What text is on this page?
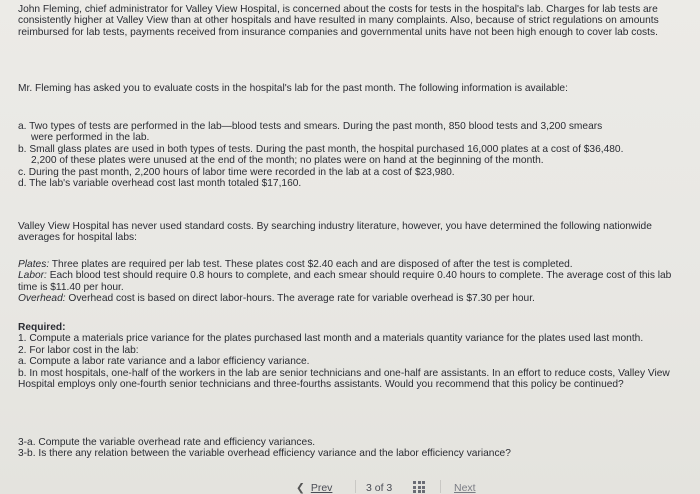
John Fleming, chief administrator for Valley View Hospital, is concerned about the costs for tests in the hospital's lab. Charges for lab tests are consistently higher at Valley View than at other hospitals and have resulted in many complaints. Also, because of strict regulations on amounts reimbursed for lab tests, payments received from insurance companies and governmental units have not been high enough to cover lab costs.

Mr. Fleming has asked you to evaluate costs in the hospital's lab for the past month. The following information is available:

a. Two types of tests are performed in the lab—blood tests and smears. During the past month, 850 blood tests and 3,200 smears
were performed in the lab.
b. Small glass plates are used in both types of tests. During the past month, the hospital purchased 16,000 plates at a cost of $36,480.
2,200 of these plates were unused at the end of the month; no plates were on hand at the beginning of the month.
c. During the past month, 2,200 hours of labor time were recorded in the lab at a cost of $23,980.
d. The lab's variable overhead cost last month totaled $17,160.

Valley View Hospital has never used standard costs. By searching industry literature, however, you have determined the following nationwide averages for hospital labs:

Plates: Three plates are required per lab test. These plates cost $2.40 each and are disposed of after the test is completed.

Labor: Each blood test should require 0.8 hours to complete, and each smear should require 0.40 hours to complete. The average cost of this lab time is $11.40 per hour.

Overhead: Overhead cost is based on direct labor-hours. The average rate for variable overhead is $7.30 per hour.

Required:

1. Compute a materials price variance for the plates purchased last month and a materials quantity variance for the plates used last month.

2. For labor cost in the lab:

a. Compute a labor rate variance and a labor efficiency variance.

b. In most hospitals, one-half of the workers in the lab are senior technicians and one-half are assistants. In an effort to reduce costs, Valley View Hospital employs only one-fourth senior technicians and three-fourths assistants. Would you recommend that this policy be continued?

3-a. Compute the variable overhead rate and efficiency variances.

3-b. Is there any relation between the variable overhead efficiency variance and the labor efficiency variance?

❮ Prev	3 of 3	Next
